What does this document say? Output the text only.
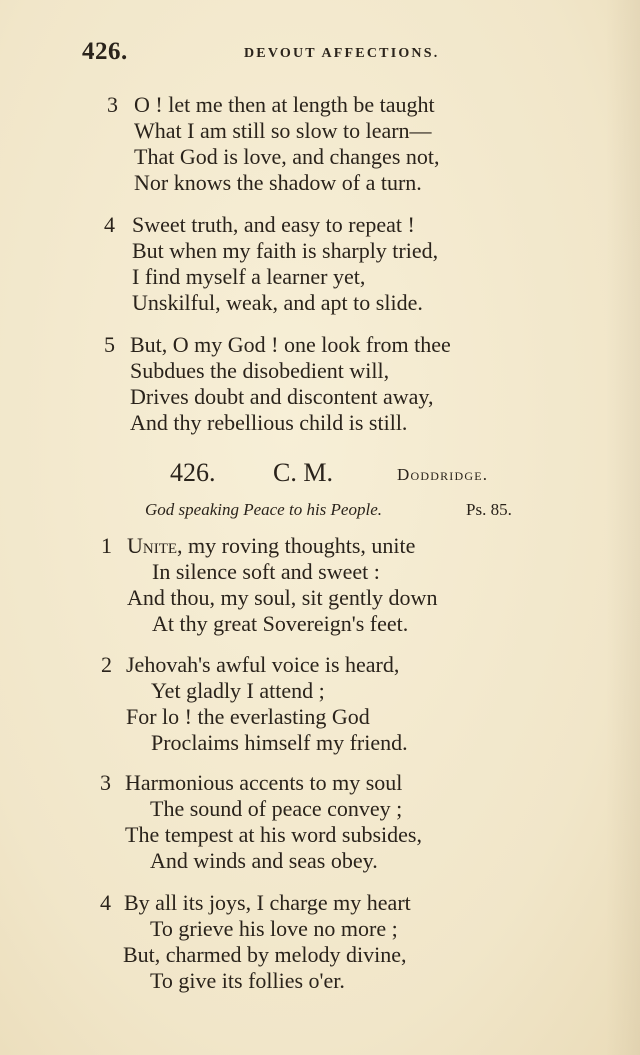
426.	DEVOUT AFFECTIONS.
3 O ! let me then at length be taught
What I am still so slow to learn—
That God is love, and changes not,
Nor knows the shadow of a turn.
4 Sweet truth, and easy to repeat !
But when my faith is sharply tried,
I find myself a learner yet,
Unskilful, weak, and apt to slide.
5 But, O my God ! one look from thee
Subdues the disobedient will,
Drives doubt and discontent away,
And thy rebellious child is still.
426. C. M.	Doddridge.
God speaking Peace to his People.	Ps. 85.
1 Unite, my roving thoughts, unite
In silence soft and sweet :
And thou, my soul, sit gently down
At thy great Sovereign's feet.
2 Jehovah's awful voice is heard,
Yet gladly I attend ;
For lo ! the everlasting God
Proclaims himself my friend.
3 Harmonious accents to my soul
The sound of peace convey ;
The tempest at his word subsides,
And winds and seas obey.
4 By all its joys, I charge my heart
To grieve his love no more ;
But, charmed by melody divine,
To give its follies o'er.
